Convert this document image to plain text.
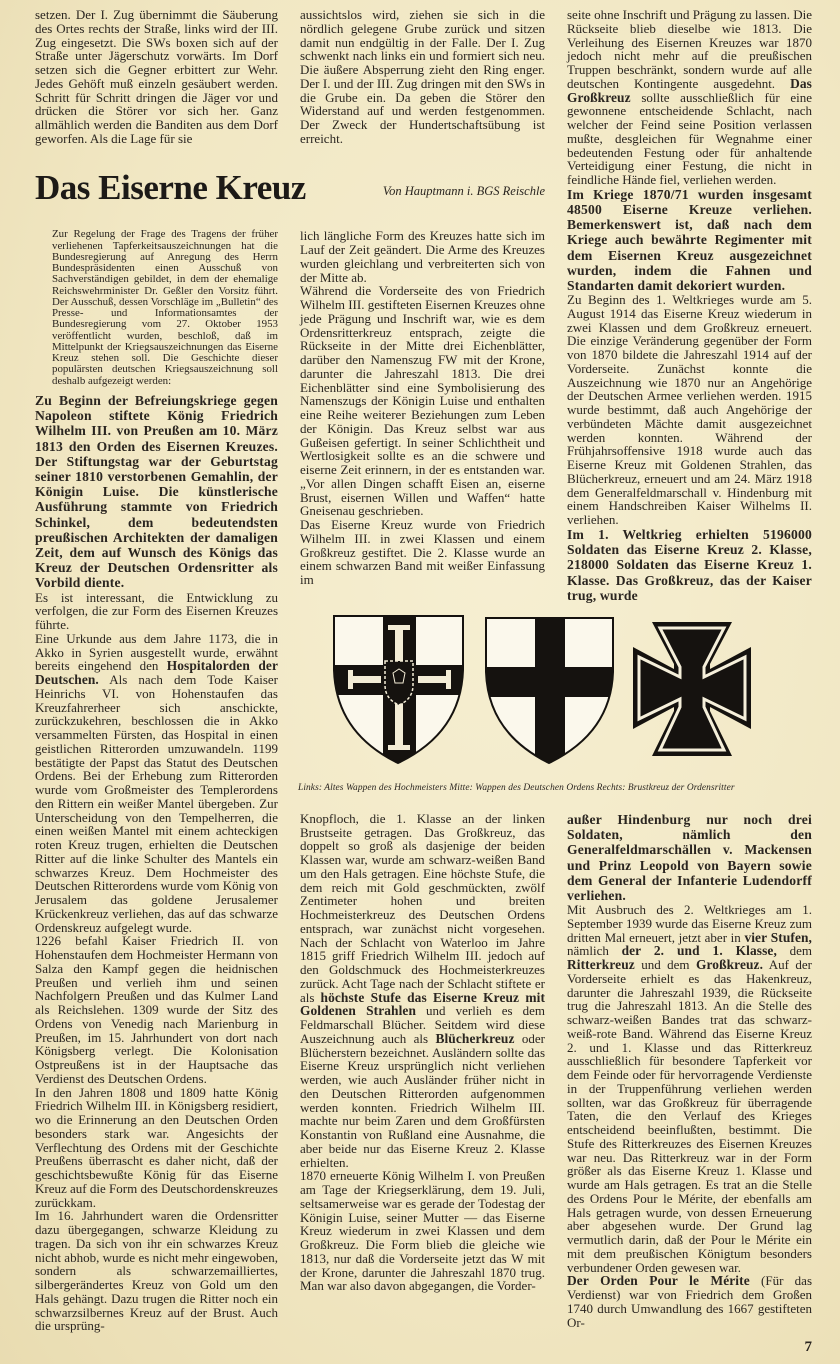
setzen. Der I. Zug übernimmt die Säuberung des Ortes rechts der Straße, links wird der III. Zug eingesetzt. Die SWs boxen sich auf der Straße unter Jägerschutz vorwärts. Im Dorf setzen sich die Gegner erbittert zur Wehr. Jedes Gehöft muß einzeln gesäubert werden. Schritt für Schritt dringen die Jäger vor und drücken die Störer vor sich her. Ganz allmählich werden die Banditen aus dem Dorf geworfen. Als die Lage für sie

aussichtslos wird, ziehen sie sich in die nördlich gelegene Grube zurück und sitzen damit nun endgültig in der Falle. Der I. Zug schwenkt nach links ein und formiert sich neu. Die äußere Absperrung zieht den Ring enger. Der I. und der III. Zug dringen mit den SWs in die Grube ein. Da geben die Störer den Widerstand auf und werden festgenommen. Der Zweck der Hundertschaftsübung ist erreicht.

seite ohne Inschrift und Prägung zu lassen. Die Rückseite blieb dieselbe wie 1813. Die Verleihung des Eisernen Kreuzes war 1870 jedoch nicht mehr auf die preußischen Truppen beschränkt, sondern wurde auf alle deutschen Kontingente ausgedehnt. Das Großkreuz sollte ausschließlich für eine gewonnene entscheidende Schlacht, nach welcher der Feind seine Position verlassen mußte, desgleichen für Wegnahme einer bedeutenden Festung oder für anhaltende Verteidigung einer Festung, die nicht in feindliche Hände fiel, verliehen werden.

Im Kriege 1870/71 wurden insgesamt 48500 Eiserne Kreuze verliehen. Bemerkenswert ist, daß nach dem Kriege auch bewährte Regimenter mit dem Eisernen Kreuz ausgezeichnet wurden, indem die Fahnen und Standarten damit dekoriert wurden.

Zu Beginn des 1. Weltkrieges wurde am 5. August 1914 das Eiserne Kreuz wiederum in zwei Klassen und dem Großkreuz erneuert. Die einzige Veränderung gegenüber der Form von 1870 bildete die Jahreszahl 1914 auf der Vorderseite. Zunächst konnte die Auszeichnung wie 1870 nur an Angehörige der Deutschen Armee verliehen werden. 1915 wurde bestimmt, daß auch Angehörige der verbündeten Mächte damit ausgezeichnet werden konnten. Während der Frühjahrsoffensive 1918 wurde auch das Eiserne Kreuz mit Goldenen Strahlen, das Blücherkreuz, erneuert und am 24. März 1918 dem Generalfeldmarschall v. Hindenburg mit einem Handschreiben Kaiser Wilhelms II. verliehen.

Im 1. Weltkrieg erhielten 5196000 Soldaten das Eiserne Kreuz 2. Klasse, 218000 Soldaten das Eiserne Kreuz 1. Klasse. Das Großkreuz, das der Kaiser trug, wurde

Das Eiserne Kreuz	Von Hauptmann i. BGS Reischle
Zur Regelung der Frage des Tragens der früher verliehenen Tapferkeitsauszeichnungen hat die Bundesregierung auf Anregung des Herrn Bundespräsidenten einen Ausschuß von Sachverständigen gebildet, in dem der ehemalige Reichswehrminister Dr. Geßler den Vorsitz führt. Der Ausschuß, dessen Vorschläge im „Bulletin“ des Presse- und Informationsamtes der Bundesregierung vom 27. Oktober 1953 veröffentlicht wurden, beschloß, daß im Mittelpunkt der Kriegsauszeichnungen das Eiserne Kreuz stehen soll. Die Geschichte dieser populärsten deutschen Kriegsauszeichnung soll deshalb aufgezeigt werden:

Zu Beginn der Befreiungskriege gegen Napoleon stiftete König Friedrich Wilhelm III. von Preußen am 10. März 1813 den Orden des Eisernen Kreuzes. Der Stiftungstag war der Geburtstag seiner 1810 verstorbenen Gemahlin, der Königin Luise. Die künstlerische Ausführung stammte von Friedrich Schinkel, dem bedeutendsten preußischen Architekten der damaligen Zeit, dem auf Wunsch des Königs das Kreuz der Deutschen Ordensritter als Vorbild diente.

Es ist interessant, die Entwicklung zu verfolgen, die zur Form des Eisernen Kreuzes führte.

Eine Urkunde aus dem Jahre 1173, die in Akko in Syrien ausgestellt wurde, erwähnt bereits eingehend den Hospitalorden der Deutschen. Als nach dem Tode Kaiser Heinrichs VI. von Hohenstaufen das Kreuzfahrerheer sich anschickte, zurückzukehren, beschlossen die in Akko versammelten Fürsten, das Hospital in einen geistlichen Ritterorden umzuwandeln. 1199 bestätigte der Papst das Statut des Deutschen Ordens. Bei der Erhebung zum Ritterorden wurde vom Großmeister des Templerordens den Rittern ein weißer Mantel übergeben. Zur Unterscheidung von den Tempelherren, die einen weißen Mantel mit einem achteckigen roten Kreuz trugen, erhielten die Deutschen Ritter auf die linke Schulter des Mantels ein schwarzes Kreuz. Dem Hochmeister des Deutschen Ritterordens wurde vom König von Jerusalem das goldene Jerusalemer Krückenkreuz verliehen, das auf das schwarze Ordenskreuz aufgelegt wurde.

1226 befahl Kaiser Friedrich II. von Hohenstaufen dem Hochmeister Hermann von Salza den Kampf gegen die heidnischen Preußen und verlieh ihm und seinen Nachfolgern Preußen und das Kulmer Land als Reichslehen. 1309 wurde der Sitz des Ordens von Venedig nach Marienburg in Preußen, im 15. Jahrhundert von dort nach Königsberg verlegt. Die Kolonisation Ostpreußens ist in der Hauptsache das Verdienst des Deutschen Ordens.

In den Jahren 1808 und 1809 hatte König Friedrich Wilhelm III. in Königsberg residiert, wo die Erinnerung an den Deutschen Orden besonders stark war. Angesichts der Verflechtung des Ordens mit der Geschichte Preußens überrascht es daher nicht, daß der geschichtsbewußte König für das Eiserne Kreuz auf die Form des Deutschordenskreuzes zurückkam.

Im 16. Jahrhundert waren die Ordensritter dazu übergegangen, schwarze Kleidung zu tragen. Da sich von ihr ein schwarzes Kreuz nicht abhob, wurde es nicht mehr eingewoben, sondern als schwarzemailliertes, silbergerändertes Kreuz von Gold um den Hals gehängt. Dazu trugen die Ritter noch ein schwarzsilbernes Kreuz auf der Brust. Auch die ursprüng-

lich längliche Form des Kreuzes hatte sich im Lauf der Zeit geändert. Die Arme des Kreuzes wurden gleichlang und verbreiterten sich von der Mitte ab.

Während die Vorderseite des von Friedrich Wilhelm III. gestifteten Eisernen Kreuzes ohne jede Prägung und Inschrift war, wie es dem Ordensritterkreuz entsprach, zeigte die Rückseite in der Mitte drei Eichenblätter, darüber den Namenszug FW mit der Krone, darunter die Jahreszahl 1813. Die drei Eichenblätter sind eine Symbolisierung des Namenszugs der Königin Luise und enthalten eine Reihe weiterer Beziehungen zum Leben der Königin. Das Kreuz selbst war aus Gußeisen gefertigt. In seiner Schlichtheit und Wertlosigkeit sollte es an die schwere und eiserne Zeit erinnern, in der es entstanden war. „Vor allen Dingen schafft Eisen an, eiserne Brust, eisernen Willen und Waffen“ hatte Gneisenau geschrieben.

Das Eiserne Kreuz wurde von Friedrich Wilhelm III. in zwei Klassen und einem Großkreuz gestiftet. Die 2. Klasse wurde an einem schwarzen Band mit weißer Einfassung im

Links: Altes Wappen des Hochmeisters Mitte: Wappen des Deutschen Ordens Rechts: Brustkreuz der Ordensritter

Knopfloch, die 1. Klasse an der linken Brustseite getragen. Das Großkreuz, das doppelt so groß als dasjenige der beiden Klassen war, wurde am schwarz-weißen Band um den Hals getragen. Eine höchste Stufe, die dem reich mit Gold geschmückten, zwölf Zentimeter hohen und breiten Hochmeisterkreuz des Deutschen Ordens entsprach, war zunächst nicht vorgesehen. Nach der Schlacht von Waterloo im Jahre 1815 griff Friedrich Wilhelm III. jedoch auf den Goldschmuck des Hochmeisterkreuzes zurück. Acht Tage nach der Schlacht stiftete er als höchste Stufe das Eiserne Kreuz mit Goldenen Strahlen und verlieh es dem Feldmarschall Blücher. Seitdem wird diese Auszeichnung auch als Blücherkreuz oder Blücherstern bezeichnet. Ausländern sollte das Eiserne Kreuz ursprünglich nicht verliehen werden, wie auch Ausländer früher nicht in den Deutschen Ritterorden aufgenommen werden konnten. Friedrich Wilhelm III. machte nur beim Zaren und dem Großfürsten Konstantin von Rußland eine Ausnahme, die aber beide nur das Eiserne Kreuz 2. Klasse erhielten.

1870 erneuerte König Wilhelm I. von Preußen am Tage der Kriegserklärung, dem 19. Juli, seltsamerweise war es gerade der Todestag der Königin Luise, seiner Mutter — das Eiserne Kreuz wiederum in zwei Klassen und dem Großkreuz. Die Form blieb die gleiche wie 1813, nur daß die Vorderseite jetzt das W mit der Krone, darunter die Jahreszahl 1870 trug. Man war also davon abgegangen, die Vorder-

außer Hindenburg nur noch drei Soldaten, nämlich den Generalfeldmarschällen v. Mackensen und Prinz Leopold von Bayern sowie dem General der Infanterie Ludendorff verliehen.

Mit Ausbruch des 2. Weltkrieges am 1. September 1939 wurde das Eiserne Kreuz zum dritten Mal erneuert, jetzt aber in vier Stufen, nämlich der 2. und 1. Klasse, dem Ritterkreuz und dem Großkreuz. Auf der Vorderseite erhielt es das Hakenkreuz, darunter die Jahreszahl 1939, die Rückseite trug die Jahreszahl 1813. An die Stelle des schwarz-weißen Bandes trat das schwarz-weiß-rote Band. Während das Eiserne Kreuz 2. und 1. Klasse und das Ritterkreuz ausschließlich für besondere Tapferkeit vor dem Feinde oder für hervorragende Verdienste in der Truppenführung verliehen werden sollten, war das Großkreuz für überragende Taten, die den Verlauf des Krieges entscheidend beeinflußten, bestimmt. Die Stufe des Ritterkreuzes des Eisernen Kreuzes war neu. Das Ritterkreuz war in der Form größer als das Eiserne Kreuz 1. Klasse und wurde am Hals getragen. Es trat an die Stelle des Ordens Pour le Mérite, der ebenfalls am Hals getragen wurde, von dessen Erneuerung aber abgesehen wurde. Der Grund lag vermutlich darin, daß der Pour le Mérite ein mit dem preußischen Königtum besonders verbundener Orden gewesen war.

Der Orden Pour le Mérite (Für das Verdienst) war von Friedrich dem Großen 1740 durch Umwandlung des 1667 gestifteten Or-

7
